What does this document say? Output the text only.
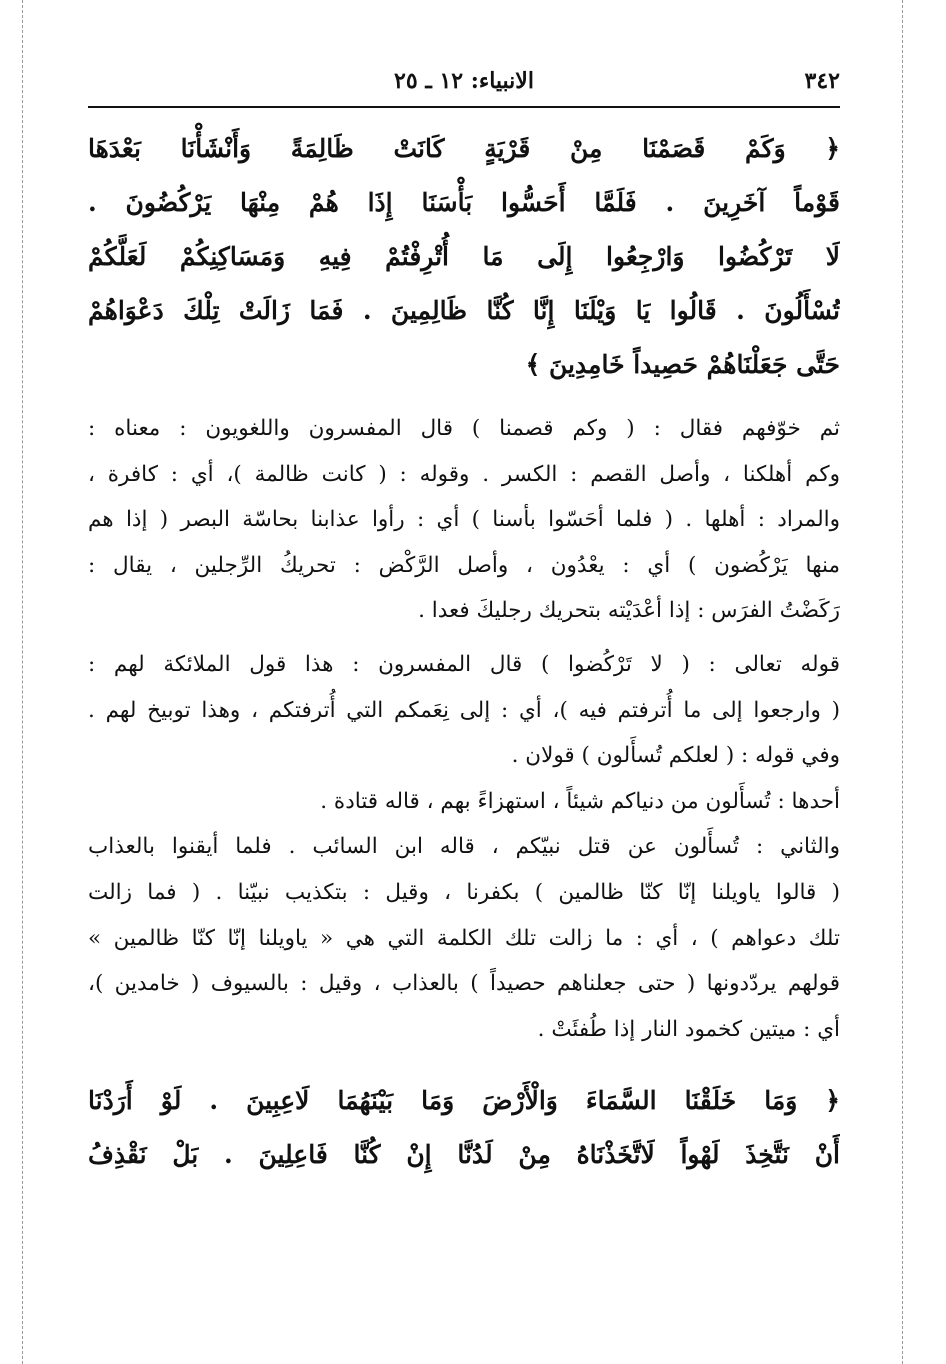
٣٤٢
الانبياء: ١٢ ـ ٢٥
﴿ وَكَمْ قَصَمْنَا مِنْ قَرْيَةٍ كَانَتْ ظَالِمَةً وَأَنْشَأْنَا بَعْدَهَا
قَوْماً آخَرِينَ . فَلَمَّا أَحَسُّوا بَأْسَنَا إِذَا هُمْ مِنْهَا يَرْكُضُونَ .
لَا تَرْكُضُوا وَارْجِعُوا إِلَى مَا أُتْرِفْتُمْ فِيهِ وَمَسَاكِنِكُمْ لَعَلَّكُمْ
تُسْأَلُونَ . قَالُوا يَا وَيْلَنَا إِنَّا كُنَّا ظَالِمِينَ . فَمَا زَالَتْ تِلْكَ دَعْوَاهُمْ
حَتَّى جَعَلْنَاهُمْ حَصِيداً خَامِدِينَ ﴾
ثم خوّفهم فقال : ( وكم قصمنا ) قال المفسرون واللغويون : معناه :
وكم أهلكنا ، وأصل القصم : الكسر . وقوله : ( كانت ظالمة )، أي : كافرة ،
والمراد : أهلها . ( فلما أحَسّوا بأسنا ) أي : رأوا عذابنا بحاسّة البصر ( إذا هم
منها يَرْكُضون ) أي : يعْدُون ، وأصل الرَّكْض : تحريكُ الرِّجلين ، يقال :
رَكَضْتُ الفرَس : إذا أعْدَيْته بتحريك رجليكَ فعدا .
قوله تعالى : ( لا تَرْكُضوا ) قال المفسرون : هذا قول الملائكة لهم :
( وارجعوا إلى ما أُترفتم فيه )، أي : إلى نِعَمكم التي أُترفتكم ، وهذا توبيخ لهم .
وفي قوله : ( لعلكم تُسأَلون ) قولان .
أحدها : تُسأَلون من دنياكم شيئاً ، استهزاءً بهم ، قاله قتادة .
والثاني : تُسأَلون عن قتل نبيّكم ، قاله ابن السائب . فلما أيقنوا بالعذاب
( قالوا ياويلنا إنّا كنّا ظالمين ) بكفرنا ، وقيل : بتكذيب نبيّنا . ( فما زالت
تلك دعواهم ) ، أي : ما زالت تلك الكلمة التي هي « ياويلنا إنّا كنّا ظالمين »
قولهم يردّدونها ( حتى جعلناهم حصيداً ) بالعذاب ، وقيل : بالسيوف ( خامدين )،
أي : ميتين كخمود النار إذا طُفئَتْ .
﴿ وَمَا خَلَقْنَا السَّمَاءَ وَالْأَرْضَ وَمَا بَيْنَهُمَا لَاعِبِينَ . لَوْ أَرَدْنَا
أَنْ نَتَّخِذَ لَهْواً لَاتَّخَذْنَاهُ مِنْ لَدُنَّا إِنْ كُنَّا فَاعِلِينَ . بَلْ نَقْذِفُ
